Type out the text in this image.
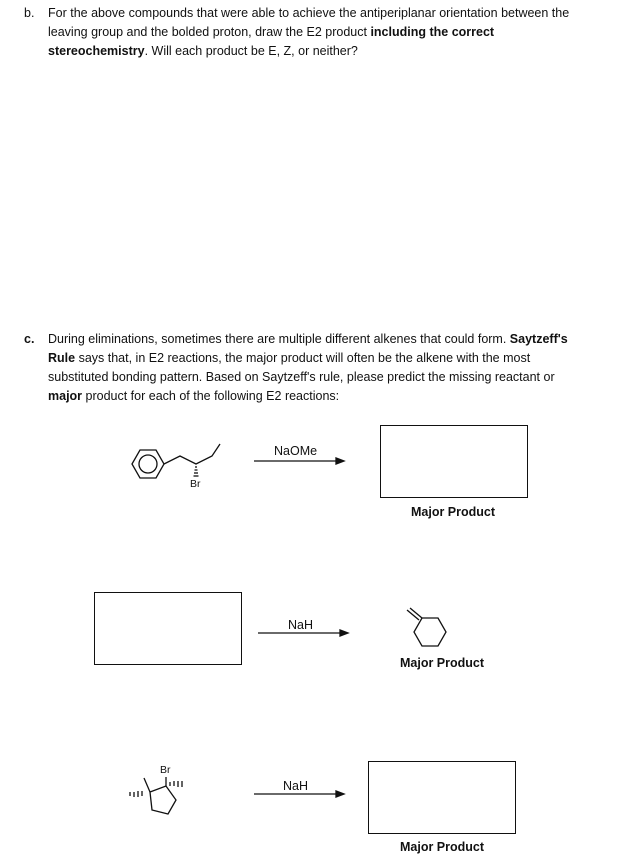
b. For the above compounds that were able to achieve the antiperiplanar orientation between the
leaving group and the bolded proton, draw the E2 product including the correct
stereochemistry. Will each product be E, Z, or neither?
c. During eliminations, sometimes there are multiple different alkenes that could form. Saytzeff's
Rule says that, in E2 reactions, the major product will often be the alkene with the most
substituted bonding pattern. Based on Saytzeff's rule, please predict the missing reactant or
major product for each of the following E2 reactions:
Br
NaOMe
Major Product
NaH
Major Product
Br
NaH
Major Product
